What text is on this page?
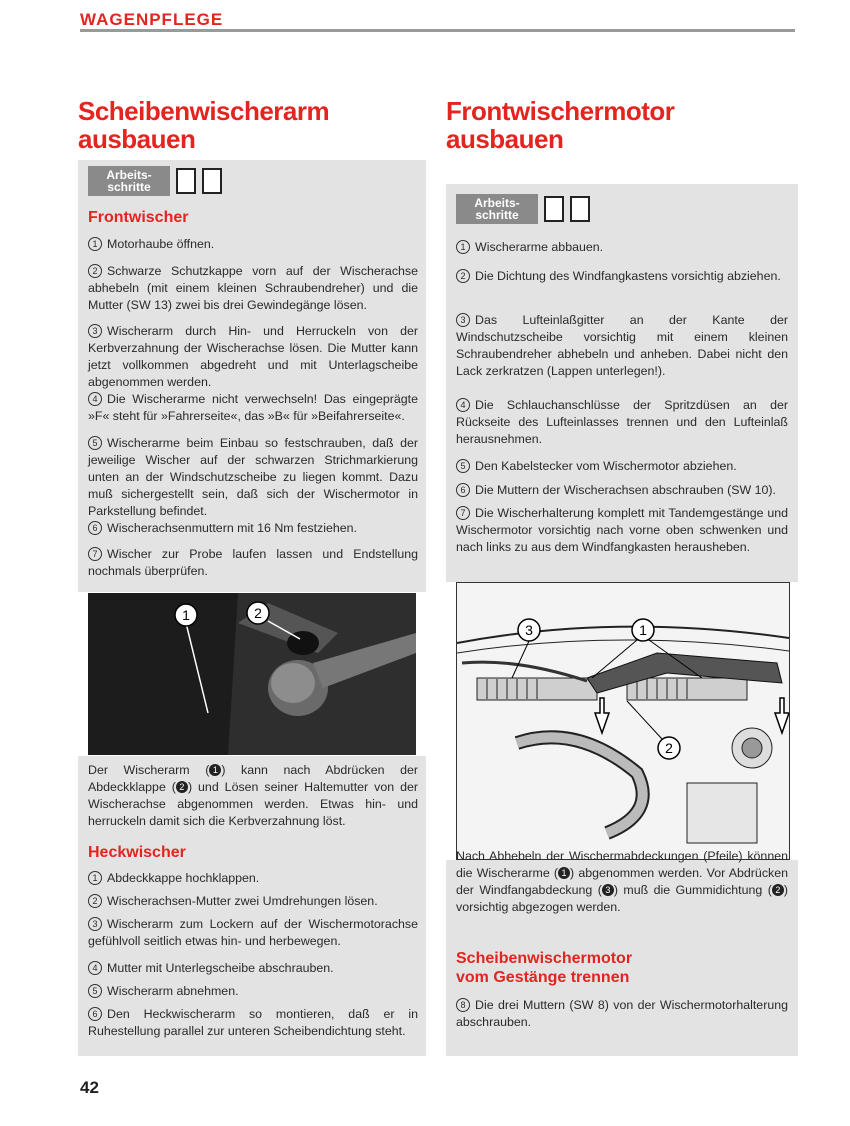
WAGENPFLEGE
Scheibenwischerarm
ausbauen
Arbeits-schritte
Frontwischer
1 Motorhaube öffnen.
2 Schwarze Schutzkappe vorn auf der Wischerachse abhebeln (mit einem kleinen Schraubendreher) und die Mutter (SW 13) zwei bis drei Gewindegänge lösen.
3 Wischerarm durch Hin- und Herruckeln von der Kerbverzahnung der Wischerachse lösen. Die Mutter kann jetzt vollkommen abgedreht und mit Unterlagscheibe abgenommen werden.
4 Die Wischerarme nicht verwechseln! Das eingeprägte »F« steht für »Fahrerseite«, das »B« für »Beifahrerseite«.
5 Wischerarme beim Einbau so festschrauben, daß der jeweilige Wischer auf der schwarzen Strichmarkierung unten an der Windschutzscheibe zu liegen kommt. Dazu muß sichergestellt sein, daß sich der Wischermotor in Parkstellung befindet.
6 Wischerachsenmuttern mit 16 Nm festziehen.
7 Wischer zur Probe laufen lassen und Endstellung nochmals überprüfen.
1	2
Der Wischerarm ( 1 ) kann nach Abdrücken der Abdeckklappe ( 2 ) und Lösen seiner Haltemutter von der Wischerachse abgenommen werden. Etwas hin- und herruckeln damit sich die Kerbverzahnung löst.
Heckwischer
1 Abdeckkappe hochklappen.
2 Wischerachsen-Mutter zwei Umdrehungen lösen.
3 Wischerarm zum Lockern auf der Wischermotorachse gefühlvoll seitlich etwas hin- und herbewegen.
4 Mutter mit Unterlegscheibe abschrauben.
5 Wischerarm abnehmen.
6 Den Heckwischerarm so montieren, daß er in Ruhestellung parallel zur unteren Scheibendichtung steht.
Frontwischermotor
ausbauen
Arbeits-schritte
1 Wischerarme abbauen.
2 Die Dichtung des Windfangkastens vorsichtig abziehen.
3 Das Lufteinlaßgitter an der Kante der Windschutzscheibe vorsichtig mit einem kleinen Schraubendreher abhebeln und anheben. Dabei nicht den Lack zerkratzen (Lappen unterlegen!).
4 Die Schlauchanschlüsse der Spritzdüsen an der Rückseite des Lufteinlasses trennen und den Lufteinlaß herausnehmen.
5 Den Kabelstecker vom Wischermotor abziehen.
6 Die Muttern der Wischerachsen abschrauben (SW 10).
7 Die Wischerhalterung komplett mit Tandemgestänge und Wischermotor vorsichtig nach vorne oben schwenken und nach links zu aus dem Windfangkasten herausheben.
3	1
2
Nach Abhebeln der Wischermabdeckungen (Pfeile) können die Wischerarme ( 1 ) abgenommen werden. Vor Abdrücken der Windfangabdeckung ( 3 ) muß die Gummidichtung ( 2 ) vorsichtig abgezogen werden.
Scheibenwischermotor
vom Gestänge trennen
8 Die drei Muttern (SW 8) von der Wischermotorhalterung abschrauben.
42
